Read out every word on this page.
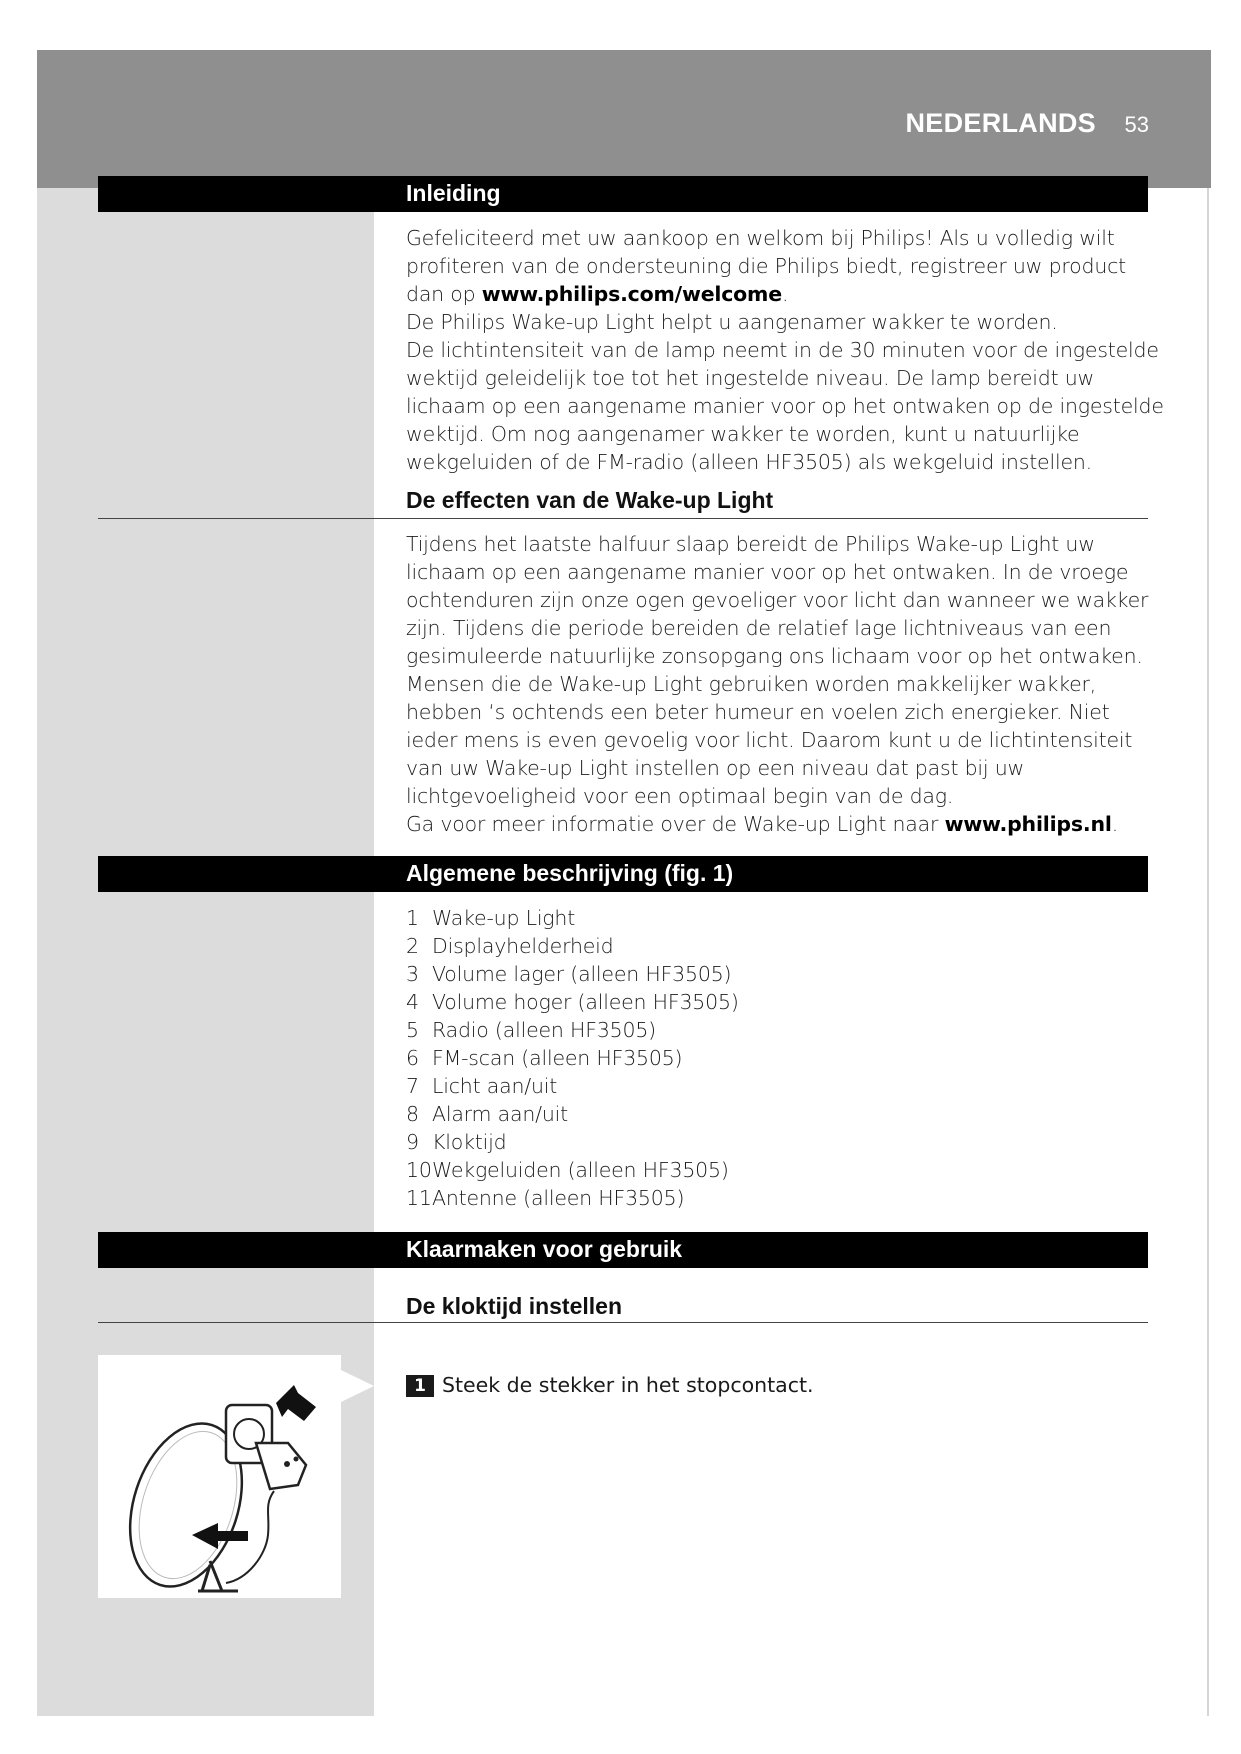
NEDERLANDS 53
Inleiding

Gefeliciteerd met uw aankoop en welkom bij Philips! Als u volledig wilt profiteren van de ondersteuning die Philips biedt, registreer uw product dan op www.philips.com/welcome.

De Philips Wake-up Light helpt u aangenamer wakker te worden.

De lichtintensiteit van de lamp neemt in de 30 minuten voor de ingestelde wektijd geleidelijk toe tot het ingestelde niveau. De lamp bereidt uw lichaam op een aangename manier voor op het ontwaken op de ingestelde wektijd. Om nog aangenamer wakker te worden, kunt u natuurlijke wekgeluiden of de FM-radio (alleen HF3505) als wekgeluid instellen.

De effecten van de Wake-up Light

Tijdens het laatste halfuur slaap bereidt de Philips Wake-up Light uw lichaam op een aangename manier voor op het ontwaken. In de vroege ochtenduren zijn onze ogen gevoeliger voor licht dan wanneer we wakker zijn. Tijdens die periode bereiden de relatief lage lichtniveaus van een gesimuleerde natuurlijke zonsopgang ons lichaam voor op het ontwaken. Mensen die de Wake-up Light gebruiken worden makkelijker wakker, hebben ‘s ochtends een beter humeur en voelen zich energieker. Niet ieder mens is even gevoelig voor licht. Daarom kunt u de lichtintensiteit van uw Wake-up Light instellen op een niveau dat past bij uw lichtgevoeligheid voor een optimaal begin van de dag.

Ga voor meer informatie over de Wake-up Light naar www.philips.nl.

Algemene beschrijving (fig. 1)
1 Wake-up Light
2 Displayhelderheid
3 Volume lager (alleen HF3505)
4 Volume hoger (alleen HF3505)
5 Radio (alleen HF3505)
6 FM-scan (alleen HF3505)
7 Licht aan/uit
8 Alarm aan/uit
9 Kloktijd
10Wekgeluiden (alleen HF3505)
11Antenne (alleen HF3505)
Klaarmaken voor gebruik
De kloktijd instellen
1 Steek de stekker in het stopcontact.
